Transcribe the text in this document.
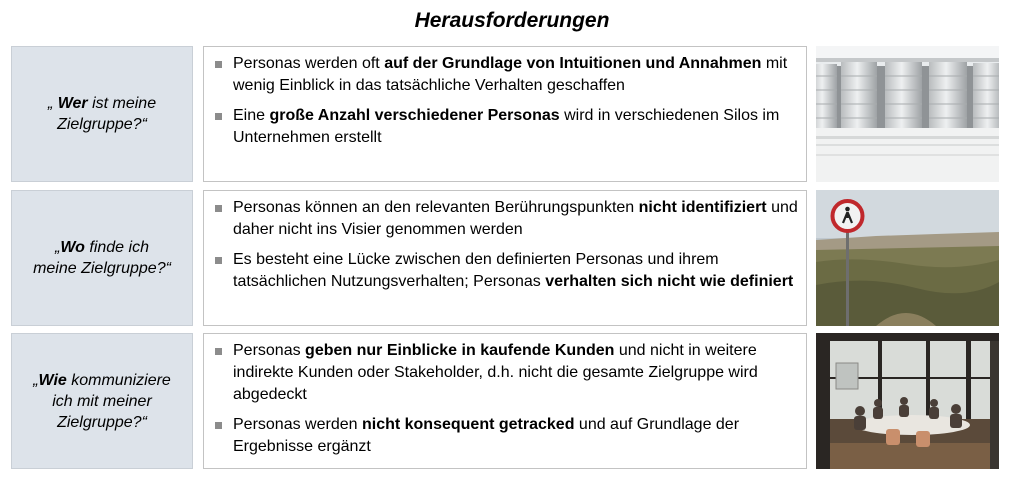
Herausforderungen
„ Wer ist meine Zielgruppe?“
Personas werden oft auf der Grundlage von Intuitionen und Annahmen mit wenig Einblick in das tatsächliche Verhalten geschaffen
Eine große Anzahl verschiedener Personas wird in verschiedenen Silos im Unternehmen erstellt
„Wo finde ich meine Zielgruppe?“
Personas können an den relevanten Berührungspunkten nicht identifiziert und daher nicht ins Visier genommen werden
Es besteht eine Lücke zwischen den definierten Personas und ihrem tatsächlichen Nutzungsverhalten; Personas verhalten sich nicht wie definiert
„Wie kommuniziere ich mit meiner Zielgruppe?“
Personas geben nur Einblicke in kaufende Kunden und nicht in weitere indirekte Kunden oder Stakeholder, d.h. nicht die gesamte Zielgruppe wird abgedeckt
Personas werden nicht konsequent getracked und auf Grundlage der Ergebnisse ergänzt
